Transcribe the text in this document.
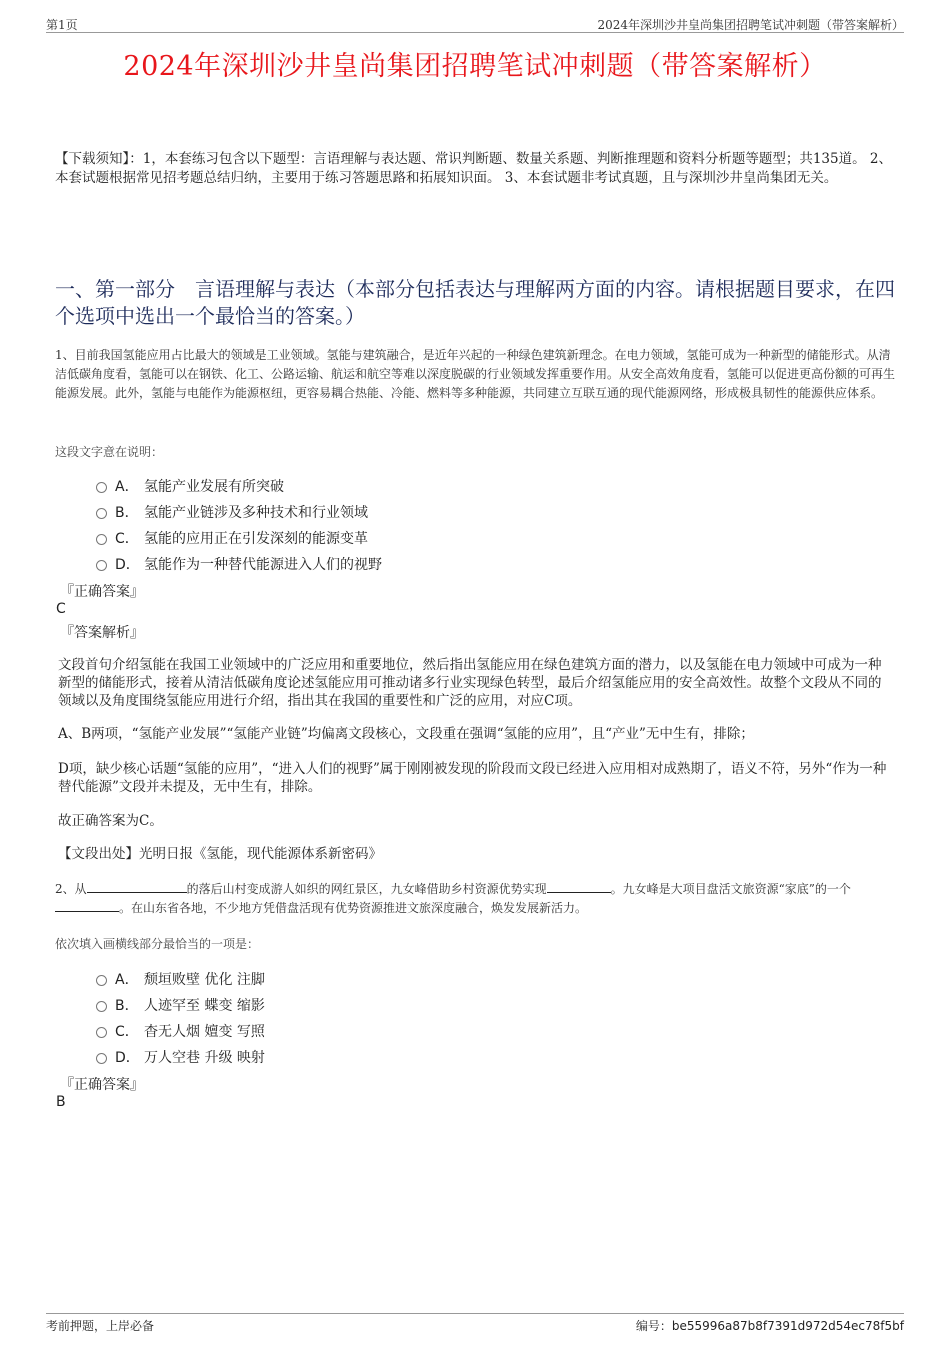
第1页	2024年深圳沙井皇尚集团招聘笔试冲刺题（带答案解析）
2024年深圳沙井皇尚集团招聘笔试冲刺题（带答案解析）
【下载须知】：1，本套练习包含以下题型：言语理解与表达题、常识判断题、数量关系题、判断推理题和资料分析题等题型；共135道。 2、本套试题根据常见招考题总结归纳，主要用于练习答题思路和拓展知识面。 3、本套试题非考试真题，且与深圳沙井皇尚集团无关。
一、第一部分　言语理解与表达（本部分包括表达与理解两方面的内容。请根据题目要求，在四个选项中选出一个最恰当的答案。）
1、目前我国氢能应用占比最大的领域是工业领域。氢能与建筑融合，是近年兴起的一种绿色建筑新理念。在电力领域，氢能可成为一种新型的储能形式。从清洁低碳角度看，氢能可以在钢铁、化工、公路运输、航运和航空等难以深度脱碳的行业领域发挥重要作用。从安全高效角度看，氢能可以促进更高份额的可再生能源发展。此外，氢能与电能作为能源枢纽，更容易耦合热能、冷能、燃料等多种能源，共同建立互联互通的现代能源网络，形成极具韧性的能源供应体系。
这段文字意在说明：
A． 氢能产业发展有所突破
B． 氢能产业链涉及多种技术和行业领域
C． 氢能的应用正在引发深刻的能源变革
D． 氢能作为一种替代能源进入人们的视野
『正确答案』
C
『答案解析』
文段首句介绍氢能在我国工业领域中的广泛应用和重要地位，然后指出氢能应用在绿色建筑方面的潜力，以及氢能在电力领域中可成为一种新型的储能形式，接着从清洁低碳角度论述氢能应用可推动诸多行业实现绿色转型，最后介绍氢能应用的安全高效性。故整个文段从不同的领域以及角度围绕氢能应用进行介绍，指出其在我国的重要性和广泛的应用，对应C项。
A、B两项，“氢能产业发展”“氢能产业链”均偏离文段核心，文段重在强调“氢能的应用”，且“产业”无中生有，排除；
D项，缺少核心话题“氢能的应用”，“进入人们的视野”属于刚刚被发现的阶段而文段已经进入应用相对成熟期了，语义不符，另外“作为一种替代能源”文段并未提及，无中生有，排除。
故正确答案为C。
【文段出处】光明日报《氢能，现代能源体系新密码》
2、从	的落后山村变成游人如织的网红景区，九女峰借助乡村资源优势实现	。九女峰是大项目盘活文旅资源“家底”的一个。在山东省各地，不少地方凭借盘活现有优势资源推进文旅深度融合，焕发发展新活力。
依次填入画横线部分最恰当的一项是：
A． 颓垣败壁 优化 注脚
B． 人迹罕至 蝶变 缩影
C． 杳无人烟 嬗变 写照
D． 万人空巷 升级 映射
『正确答案』
B
考前押题，上岸必备	编号：be55996a87b8f7391d972d54ec78f5bf
